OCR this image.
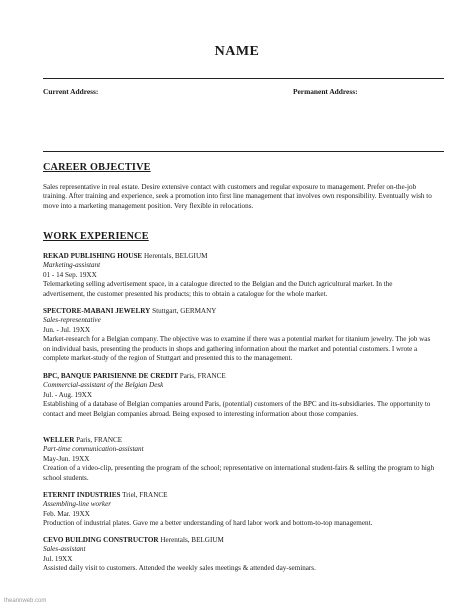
NAME
Current Address:	Permanent Address:
CAREER OBJECTIVE
Sales representative in real estate. Desire extensive contact with customers and regular exposure to management. Prefer on-the-job training. After training and experience, seek a promotion into first line management that involves own responsibility. Eventually wish to move into a marketing management position. Very flexible in relocations.
WORK EXPERIENCE
REKAD PUBLISHING HOUSE Herentals, BELGIUM
Marketing-assistant
01 - 14 Sep. 19XX
Telemarketing selling advertisement space, in a catalogue directed to the Belgian and the Dutch agricultural market. In the advertisement, the customer presented his products; this to obtain a catalogue for the whole market.
SPECTORE-MABANI JEWELRY Stuttgart, GERMANY
Sales-representative
Jun. - Jul. 19XX
Market-research for a Belgian company. The objective was to examine if there was a potential market for titanium jewelry. The job was on individual basis, presenting the products in shops and gathering information about the market and potential customers. I wrote a complete market-study of the region of Stuttgart and presented this to the management.
BPC, BANQUE PARISIENNE DE CREDIT Paris, FRANCE
Commercial-assistant of the Belgian Desk
Jul. - Aug. 19XX
Establishing of a database of Belgian companies around Paris, (potential) customers of the BPC and its-subsidiaries. The opportunity to contact and meet Belgian companies abroad. Being exposed to interesting information about those companies.
WELLER Paris, FRANCE
Part-time communication-assistant
May-Jun. 19XX
Creation of a video-clip, presenting the program of the school; representative on international student-fairs & selling the program to high school students.
ETERNIT INDUSTRIES Triel, FRANCE
Assembling-line worker
Feb. Mar. 19XX
Production of industrial plates. Gave me a better understanding of hard labor work and bottom-to-top management.
CEVO BUILDING CONSTRUCTOR Herentals, BELGIUM
Sales-assistant
Jul. 19XX
Assisted daily visit to customers. Attended the weekly sales meetings & attended day-seminars.
theannweb.com
